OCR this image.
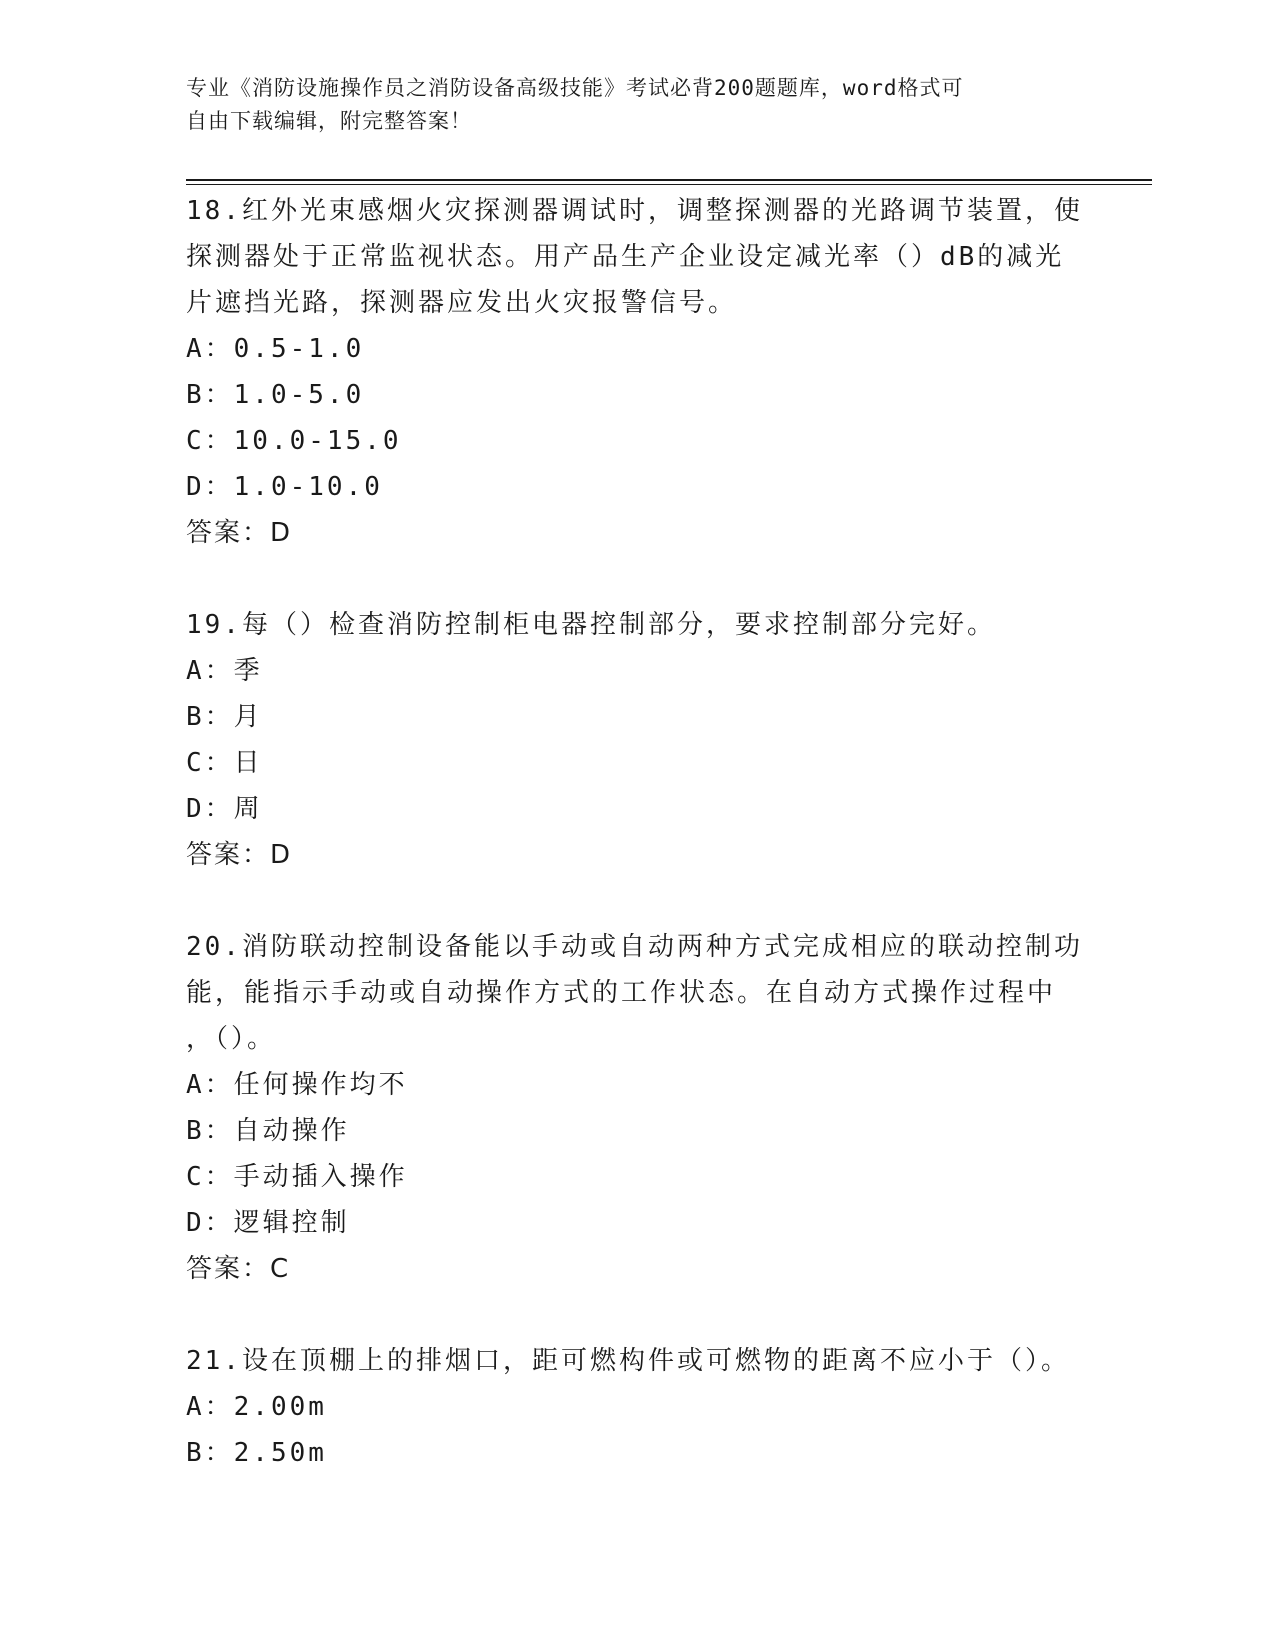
专业《消防设施操作员之消防设备高级技能》考试必背200题题库，word格式可
自由下载编辑，附完整答案！
18.红外光束感烟火灾探测器调试时，调整探测器的光路调节装置，使
探测器处于正常监视状态。用产品生产企业设定减光率（）dB的减光
片遮挡光路，探测器应发出火灾报警信号。
A：0.5-1.0
B：1.0-5.0
C：10.0-15.0
D：1.0-10.0
答案：D
19.每（）检查消防控制柜电器控制部分，要求控制部分完好。
A：季
B：月
C：日
D：周
答案：D
20.消防联动控制设备能以手动或自动两种方式完成相应的联动控制功
能，能指示手动或自动操作方式的工作状态。在自动方式操作过程中
，（）。
A：任何操作均不
B：自动操作
C：手动插入操作
D：逻辑控制
答案：C
21.设在顶棚上的排烟口，距可燃构件或可燃物的距离不应小于（）。
A：2.00m
B：2.50m
